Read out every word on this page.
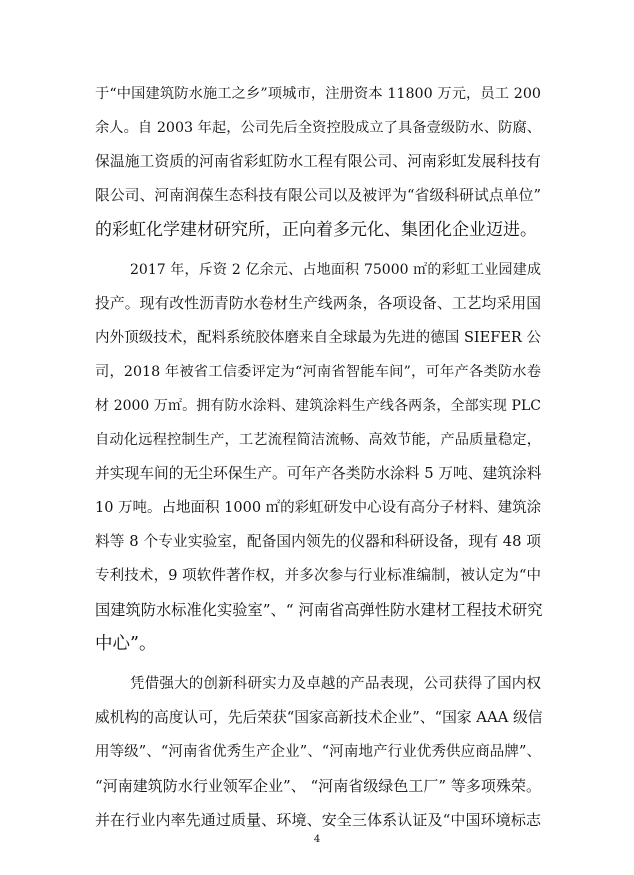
于“中国建筑防水施工之乡”项城市，注册资本 11800 万元，员工 200
余人。自 2003 年起，公司先后全资控股成立了具备壹级防水、防腐、
保温施工资质的河南省彩虹防水工程有限公司、河南彩虹发展科技有
限公司、河南润葆生态科技有限公司以及被评为“省级科研试点单位”
的彩虹化学建材研究所，正向着多元化、集团化企业迈进。
2017 年，斥资 2 亿余元、占地面积 75000 ㎡的彩虹工业园建成
投产。现有改性沥青防水卷材生产线两条，各项设备、工艺均采用国
内外顶级技术，配料系统胶体磨来自全球最为先进的德国 SIEFER 公
司，2018 年被省工信委评定为“河南省智能车间”，可年产各类防水卷
材 2000 万㎡。拥有防水涂料、建筑涂料生产线各两条，全部实现 PLC
自动化远程控制生产，工艺流程简洁流畅、高效节能，产品质量稳定，
并实现车间的无尘环保生产。可年产各类防水涂料 5 万吨、建筑涂料
10 万吨。占地面积 1000 ㎡的彩虹研发中心设有高分子材料、建筑涂
料等 8 个专业实验室，配备国内领先的仪器和科研设备，现有 48 项
专利技术，9 项软件著作权，并多次参与行业标准编制，被认定为“中
国建筑防水标准化实验室”、“ 河南省高弹性防水建材工程技术研究
中心”。
凭借强大的创新科研实力及卓越的产品表现，公司获得了国内权
威机构的高度认可，先后荣获“国家高新技术企业”、“国家 AAA 级信
用等级”、“河南省优秀生产企业”、“河南地产行业优秀供应商品牌”、
“河南建筑防水行业领军企业”、 “河南省级绿色工厂” 等多项殊荣。
并在行业内率先通过质量、环境、安全三体系认证及“中国环境标志
4
